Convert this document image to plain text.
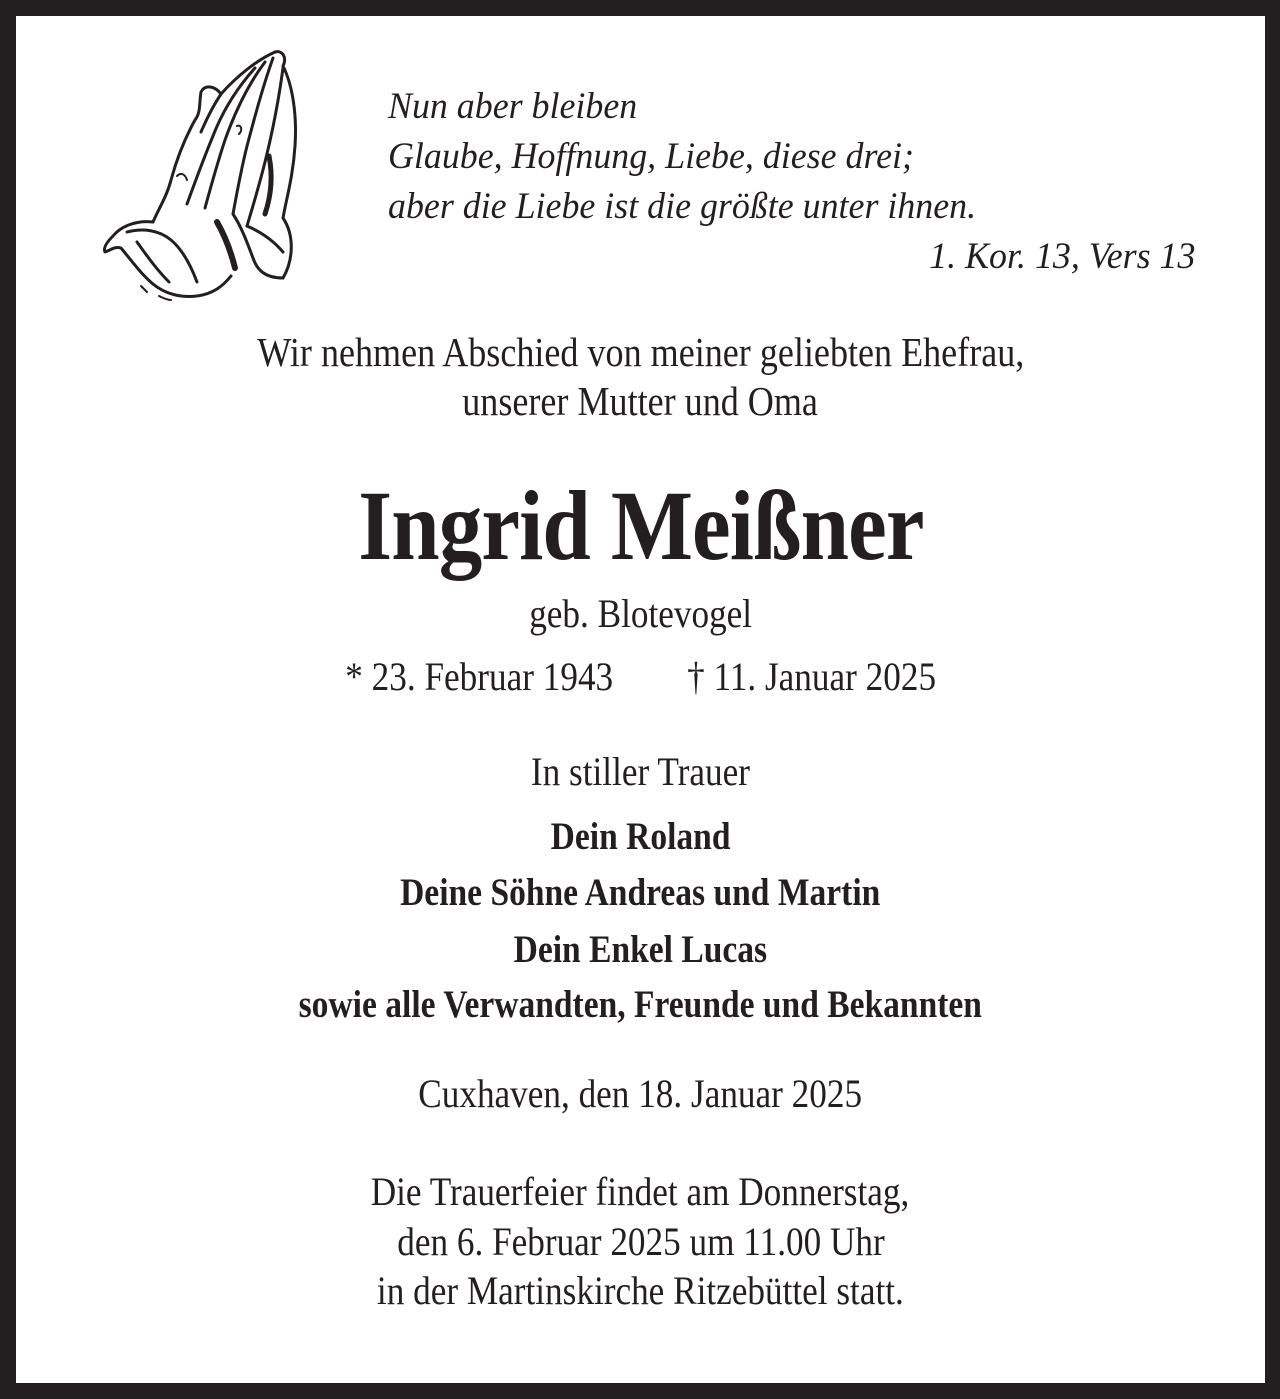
Nun aber bleiben
Glaube, Hoffnung, Liebe, diese drei;
aber die Liebe ist die größte unter ihnen.
1. Kor. 13, Vers 13
Wir nehmen Abschied von meiner geliebten Ehefrau,
unserer Mutter und Oma
Ingrid Meißner
geb. Blotevogel
* 23. Februar 1943 † 11. Januar 2025
In stiller Trauer
Dein Roland
Deine Söhne Andreas und Martin
Dein Enkel Lucas
sowie alle Verwandten, Freunde und Bekannten
Cuxhaven, den 18. Januar 2025
Die Trauerfeier findet am Donnerstag,
den 6. Februar 2025 um 11.00 Uhr
in der Martinskirche Ritzebüttel statt.
